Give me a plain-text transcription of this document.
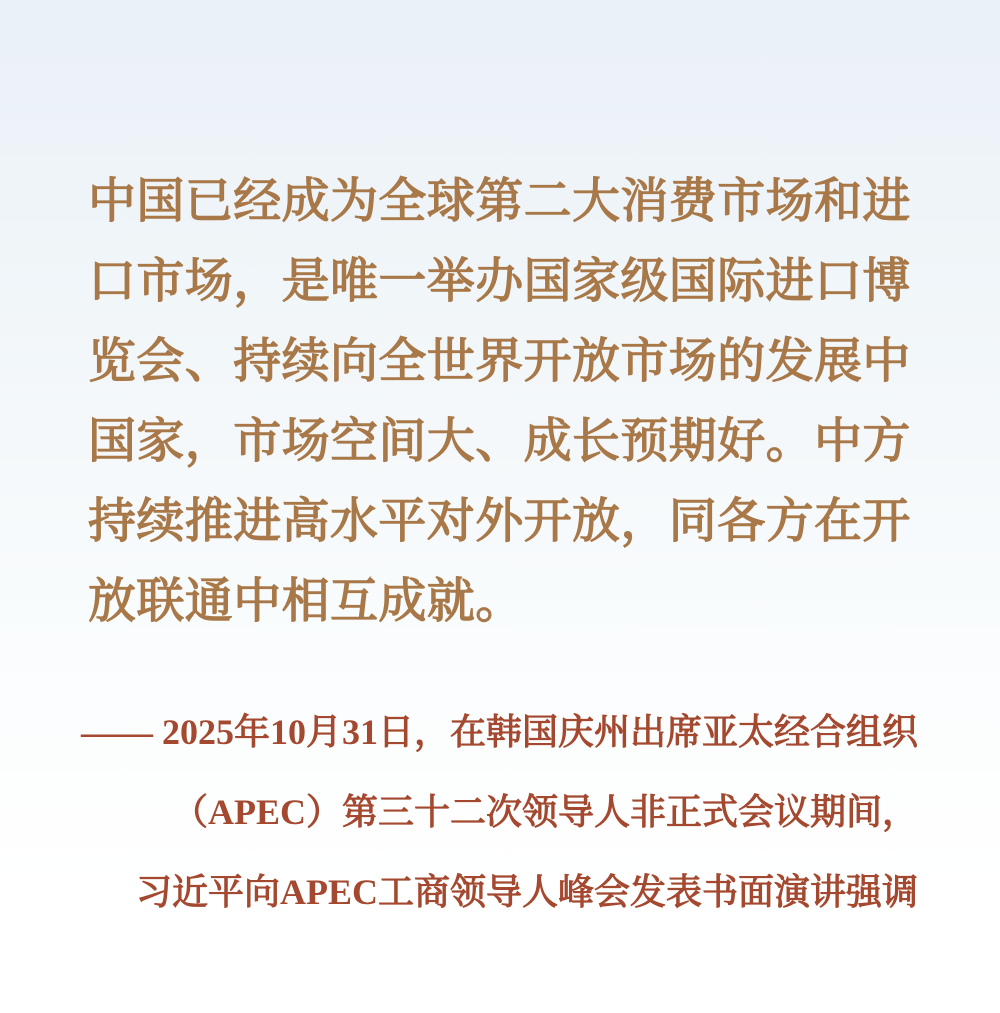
中国已经成为全球第二大消费市场和进
口市场，是唯一举办国家级国际进口博
览会、持续向全世界开放市场的发展中
国家，市场空间大、成长预期好。中方
持续推进高水平对外开放，同各方在开
放联通中相互成就。
—— 2025年10月31日，在韩国庆州出席亚太经合组织
（APEC）第三十二次领导人非正式会议期间，
习近平向APEC工商领导人峰会发表书面演讲强调
